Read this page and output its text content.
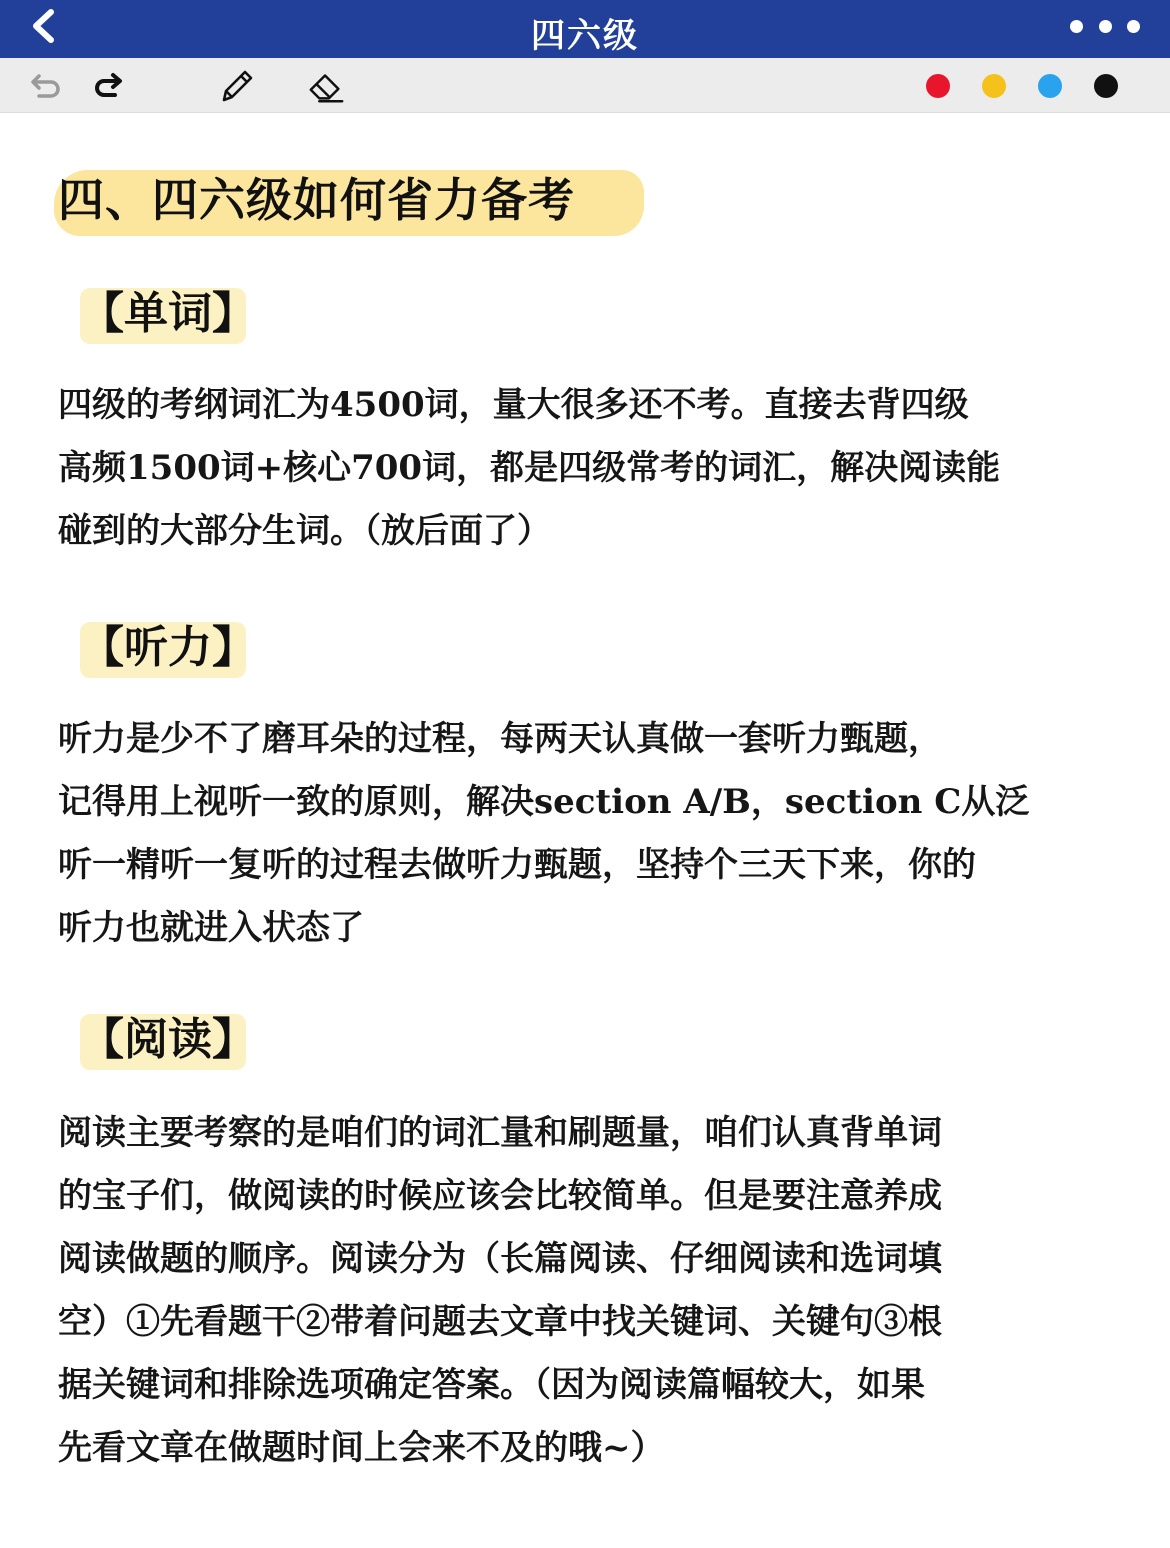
四六级
四、四六级如何省力备考
【单词】
四级的考纲词汇为4500词，量大很多还不考。直接去背四级
高频1500词+核心700词，都是四级常考的词汇，解决阅读能
碰到的大部分生词。（放后面了）
【听力】
听力是少不了磨耳朵的过程，每两天认真做一套听力甄题，
记得用上视听一致的原则，解决section A/B，section C从泛
听一精听一复听的过程去做听力甄题，坚持个三天下来，你的
听力也就进入状态了
【阅读】
阅读主要考察的是咱们的词汇量和刷题量，咱们认真背单词
的宝子们，做阅读的时候应该会比较简单。但是要注意养成
阅读做题的顺序。阅读分为（长篇阅读、仔细阅读和选词填
空）①先看题干②带着问题去文章中找关键词、关键句③根
据关键词和排除选项确定答案。（因为阅读篇幅较大，如果
先看文章在做题时间上会来不及的哦~）
